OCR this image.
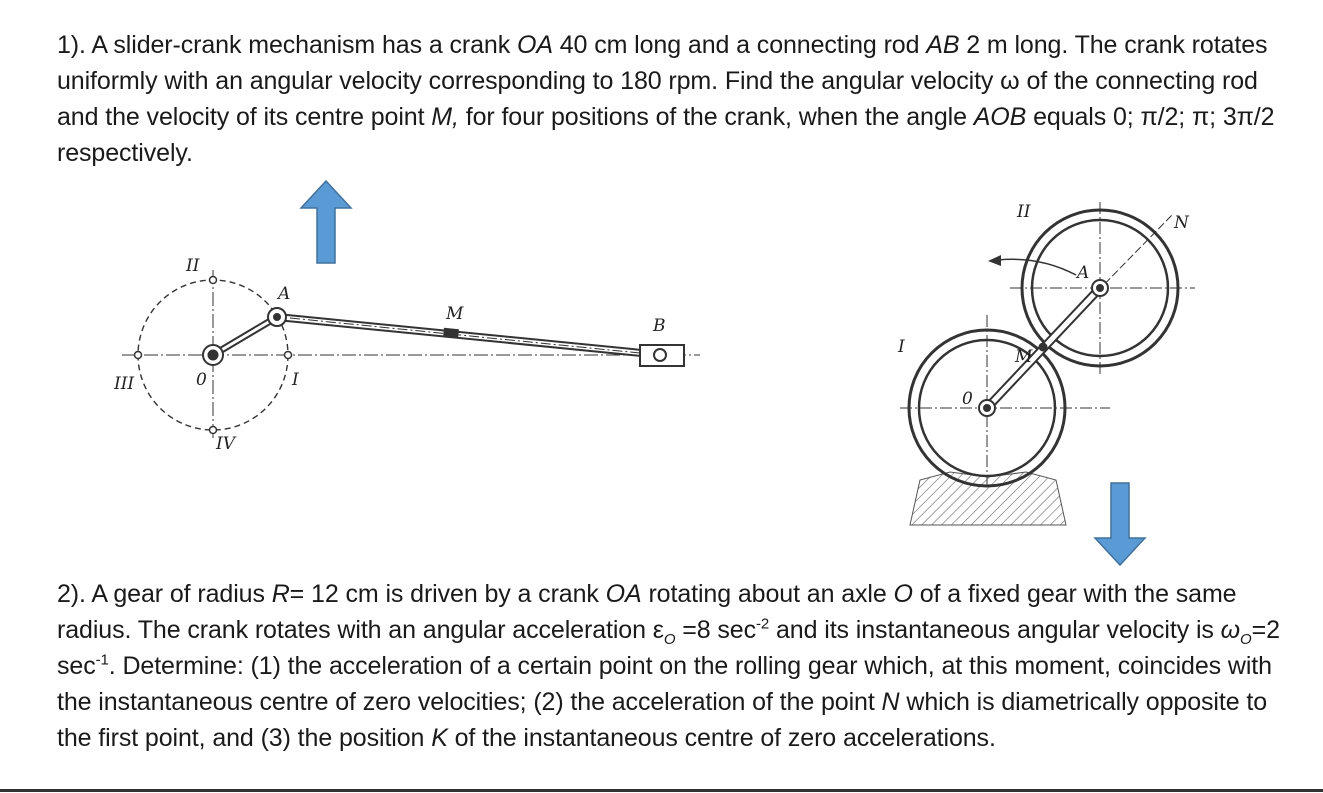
1). A slider-crank mechanism has a crank OA 40 cm long and a connecting rod AB 2 m long. The crank rotates uniformly with an angular velocity corresponding to 180 rpm. Find the angular velocity ω of the connecting rod and the velocity of its centre point M, for four positions of the crank, when the angle AOB equals 0; π/2; π; 3π/2 respectively.

II
III	I
IV
0
A
M
B
II
N
A
I	M
0

2). A gear of radius R= 12 cm is driven by a crank OA rotating about an axle O of a fixed gear with the same radius. The crank rotates with an angular acceleration $\varepsilon_O =8$ $\sec^{-2}$ and its instantaneous angular velocity is $\omega_O=2$ $\sec^{-1}$. Determine: (1) the acceleration of a certain point on the rolling gear which, at this moment, coincides with the instantaneous centre of zero velocities; (2) the acceleration of the point N which is diametrically opposite to the first point, and (3) the position K of the instantaneous centre of zero accelerations.
